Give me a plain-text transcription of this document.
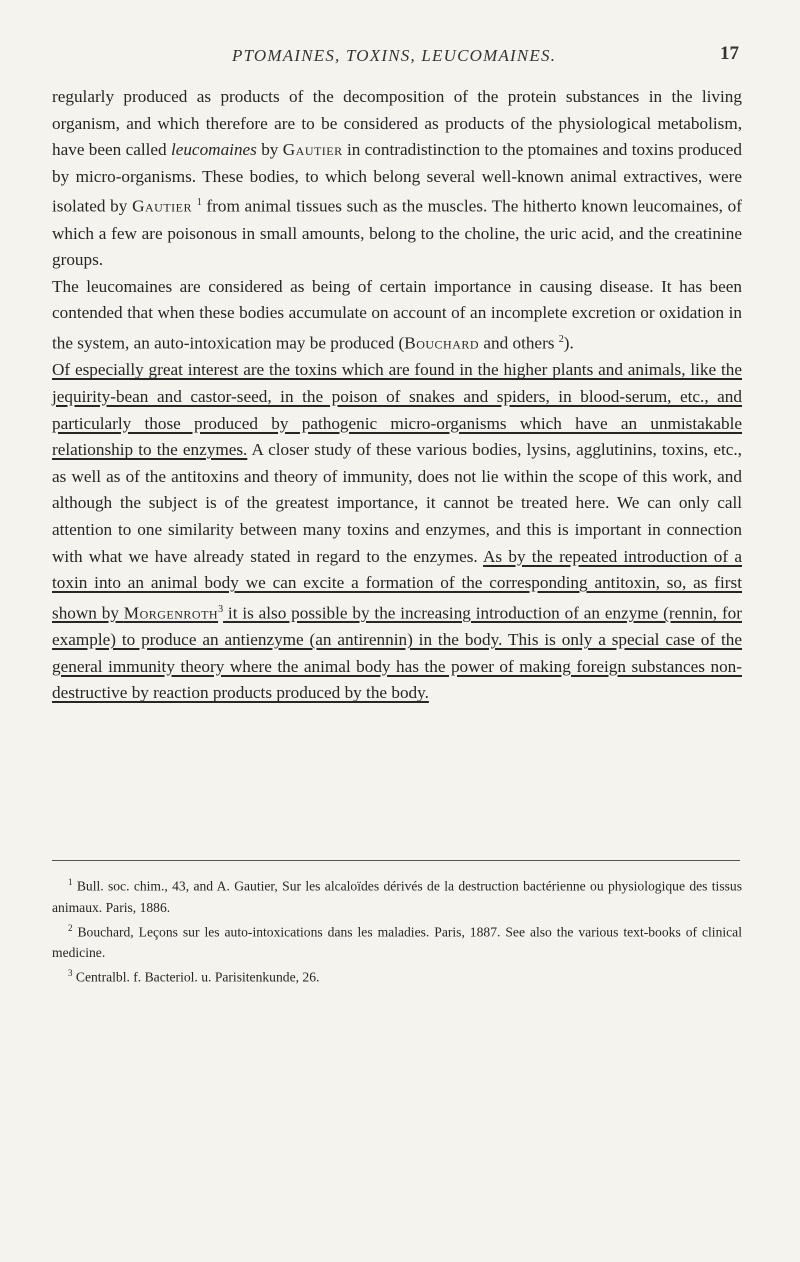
PTOMAINES, TOXINS, LEUCOMAINES.	17

regularly produced as products of the decomposition of the protein substances in the living organism, and which therefore are to be considered as products of the physiological metabolism, have been called leucomaines by Gautier in contradistinction to the ptomaines and toxins produced by micro-organisms. These bodies, to which belong several well-known animal extractives, were isolated by Gautier $^1$ from animal tissues such as the muscles. The hitherto known leucomaines, of which a few are poisonous in small amounts, belong to the choline, the uric acid, and the creatinine groups.

The leucomaines are considered as being of certain importance in causing disease. It has been contended that when these bodies accumulate on account of an incomplete excretion or oxidation in the system, an auto-intoxication may be produced (Bouchard and others $^2$).

Of especially great interest are the toxins which are found in the higher plants and animals, like the jequirity-bean and castor-seed, in the poison of snakes and spiders, in blood-serum, etc., and particularly those produced by pathogenic micro-organisms which have an unmistakable relationship to the enzymes. A closer study of these various bodies, lysins, agglutinins, toxins, etc., as well as of the antitoxins and theory of immunity, does not lie within the scope of this work, and although the subject is of the greatest importance, it cannot be treated here. We can only call attention to one similarity between many toxins and enzymes, and this is important in connection with what we have already stated in regard to the enzymes. As by the repeated introduction of a toxin into an animal body we can excite a formation of the corresponding antitoxin, so, as first shown by Morgenroth$^3$ it is also possible by the increasing introduction of an enzyme (rennin, for example) to produce an antienzyme (an antirennin) in the body. This is only a special case of the general immunity theory where the animal body has the power of making foreign substances non-destructive by reaction products produced by the body.

$^1$ Bull. soc. chim., 43, and A. Gautier, Sur les alcaloïdes dérivés de la destruction bactérienne ou physiologique des tissus animaux. Paris, 1886.

$^2$ Bouchard, Leçons sur les auto-intoxications dans les maladies. Paris, 1887. See also the various text-books of clinical medicine.

$^3$ Centralbl. f. Bacteriol. u. Parisitenkunde, 26.
